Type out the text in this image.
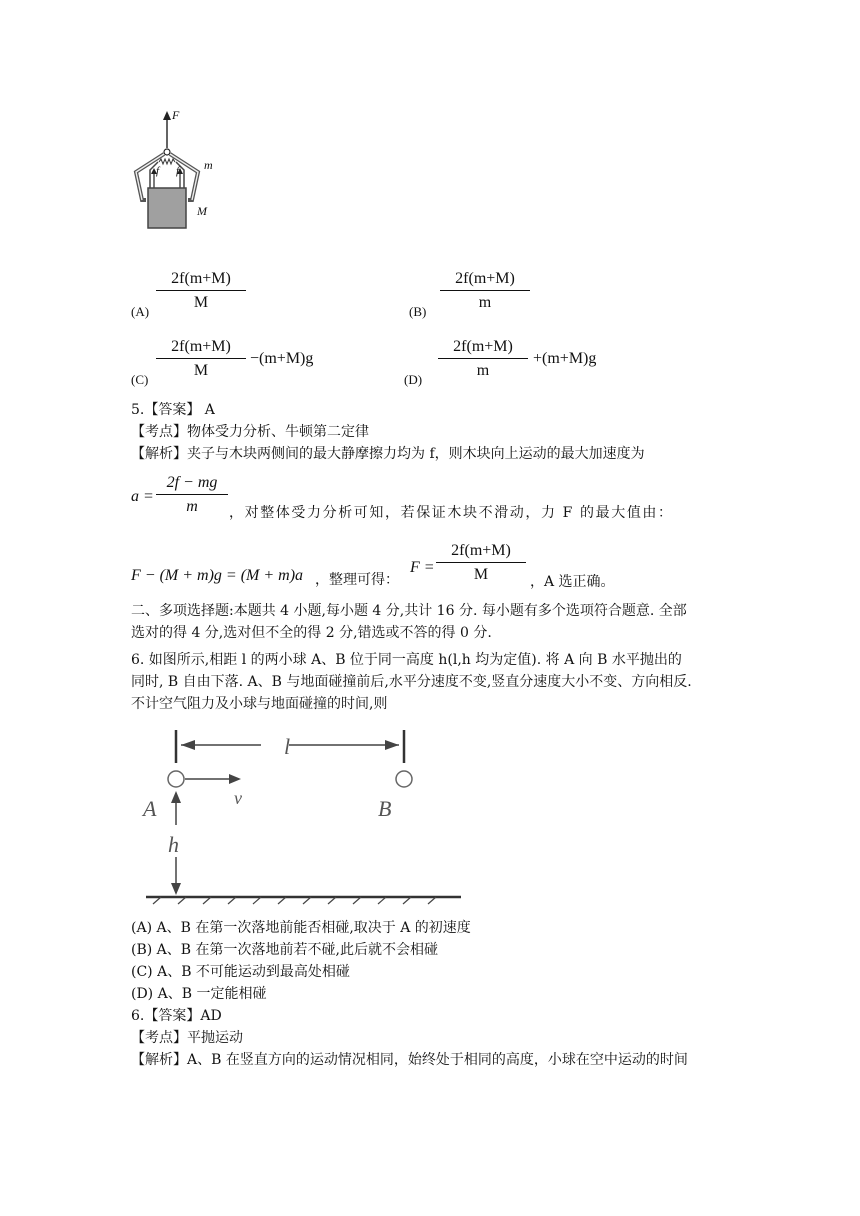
F
m
M
f f
$(A) \frac{2f(m+M)}{M}$	$(B) \frac{2f(m+M)}{m}$
$(C) \frac{2f(m+M)}{M} -(m+M)g$
$(D) \frac{2f(m+M)}{m} +(m+M)g$
5.【答案】 A
【考点】物体受力分析、牛顿第二定律
【解析】夹子与木块两侧间的最大静摩擦力均为 f，则木块向上运动的最大加速度为
$a = \frac{2f - mg}{m}$ ，对整体受力分析可知，若保证木块不滑动，力 F 的最大值由：
F − (M + m)g = (M + m)a ，整理可得：
$F = \frac{2f(m+M)}{M}$ ，A 选正确。
二、多项选择题:本题共 4 小题,每小题 4 分,共计 16 分. 每小题有多个选项符合题意. 全部
选对的得 4 分,选对但不全的得 2 分,错选或不答的得 0 分.
6. 如图所示,相距 l 的两小球 A、B 位于同一高度 h(l,h 均为定值). 将 A 向 B 水平抛出的
同时, B 自由下落. A、B 与地面碰撞前后,水平分速度不变,竖直分速度大小不变、方向相反.
不计空气阻力及小球与地面碰撞的时间,则
l
v
A	B
h
(A) A、B 在第一次落地前能否相碰,取决于 A 的初速度
(B) A、B 在第一次落地前若不碰,此后就不会相碰
(C) A、B 不可能运动到最高处相碰
(D) A、B 一定能相碰
6.【答案】AD
【考点】平抛运动
【解析】A、B 在竖直方向的运动情况相同，始终处于相同的高度，小球在空中运动的时间
